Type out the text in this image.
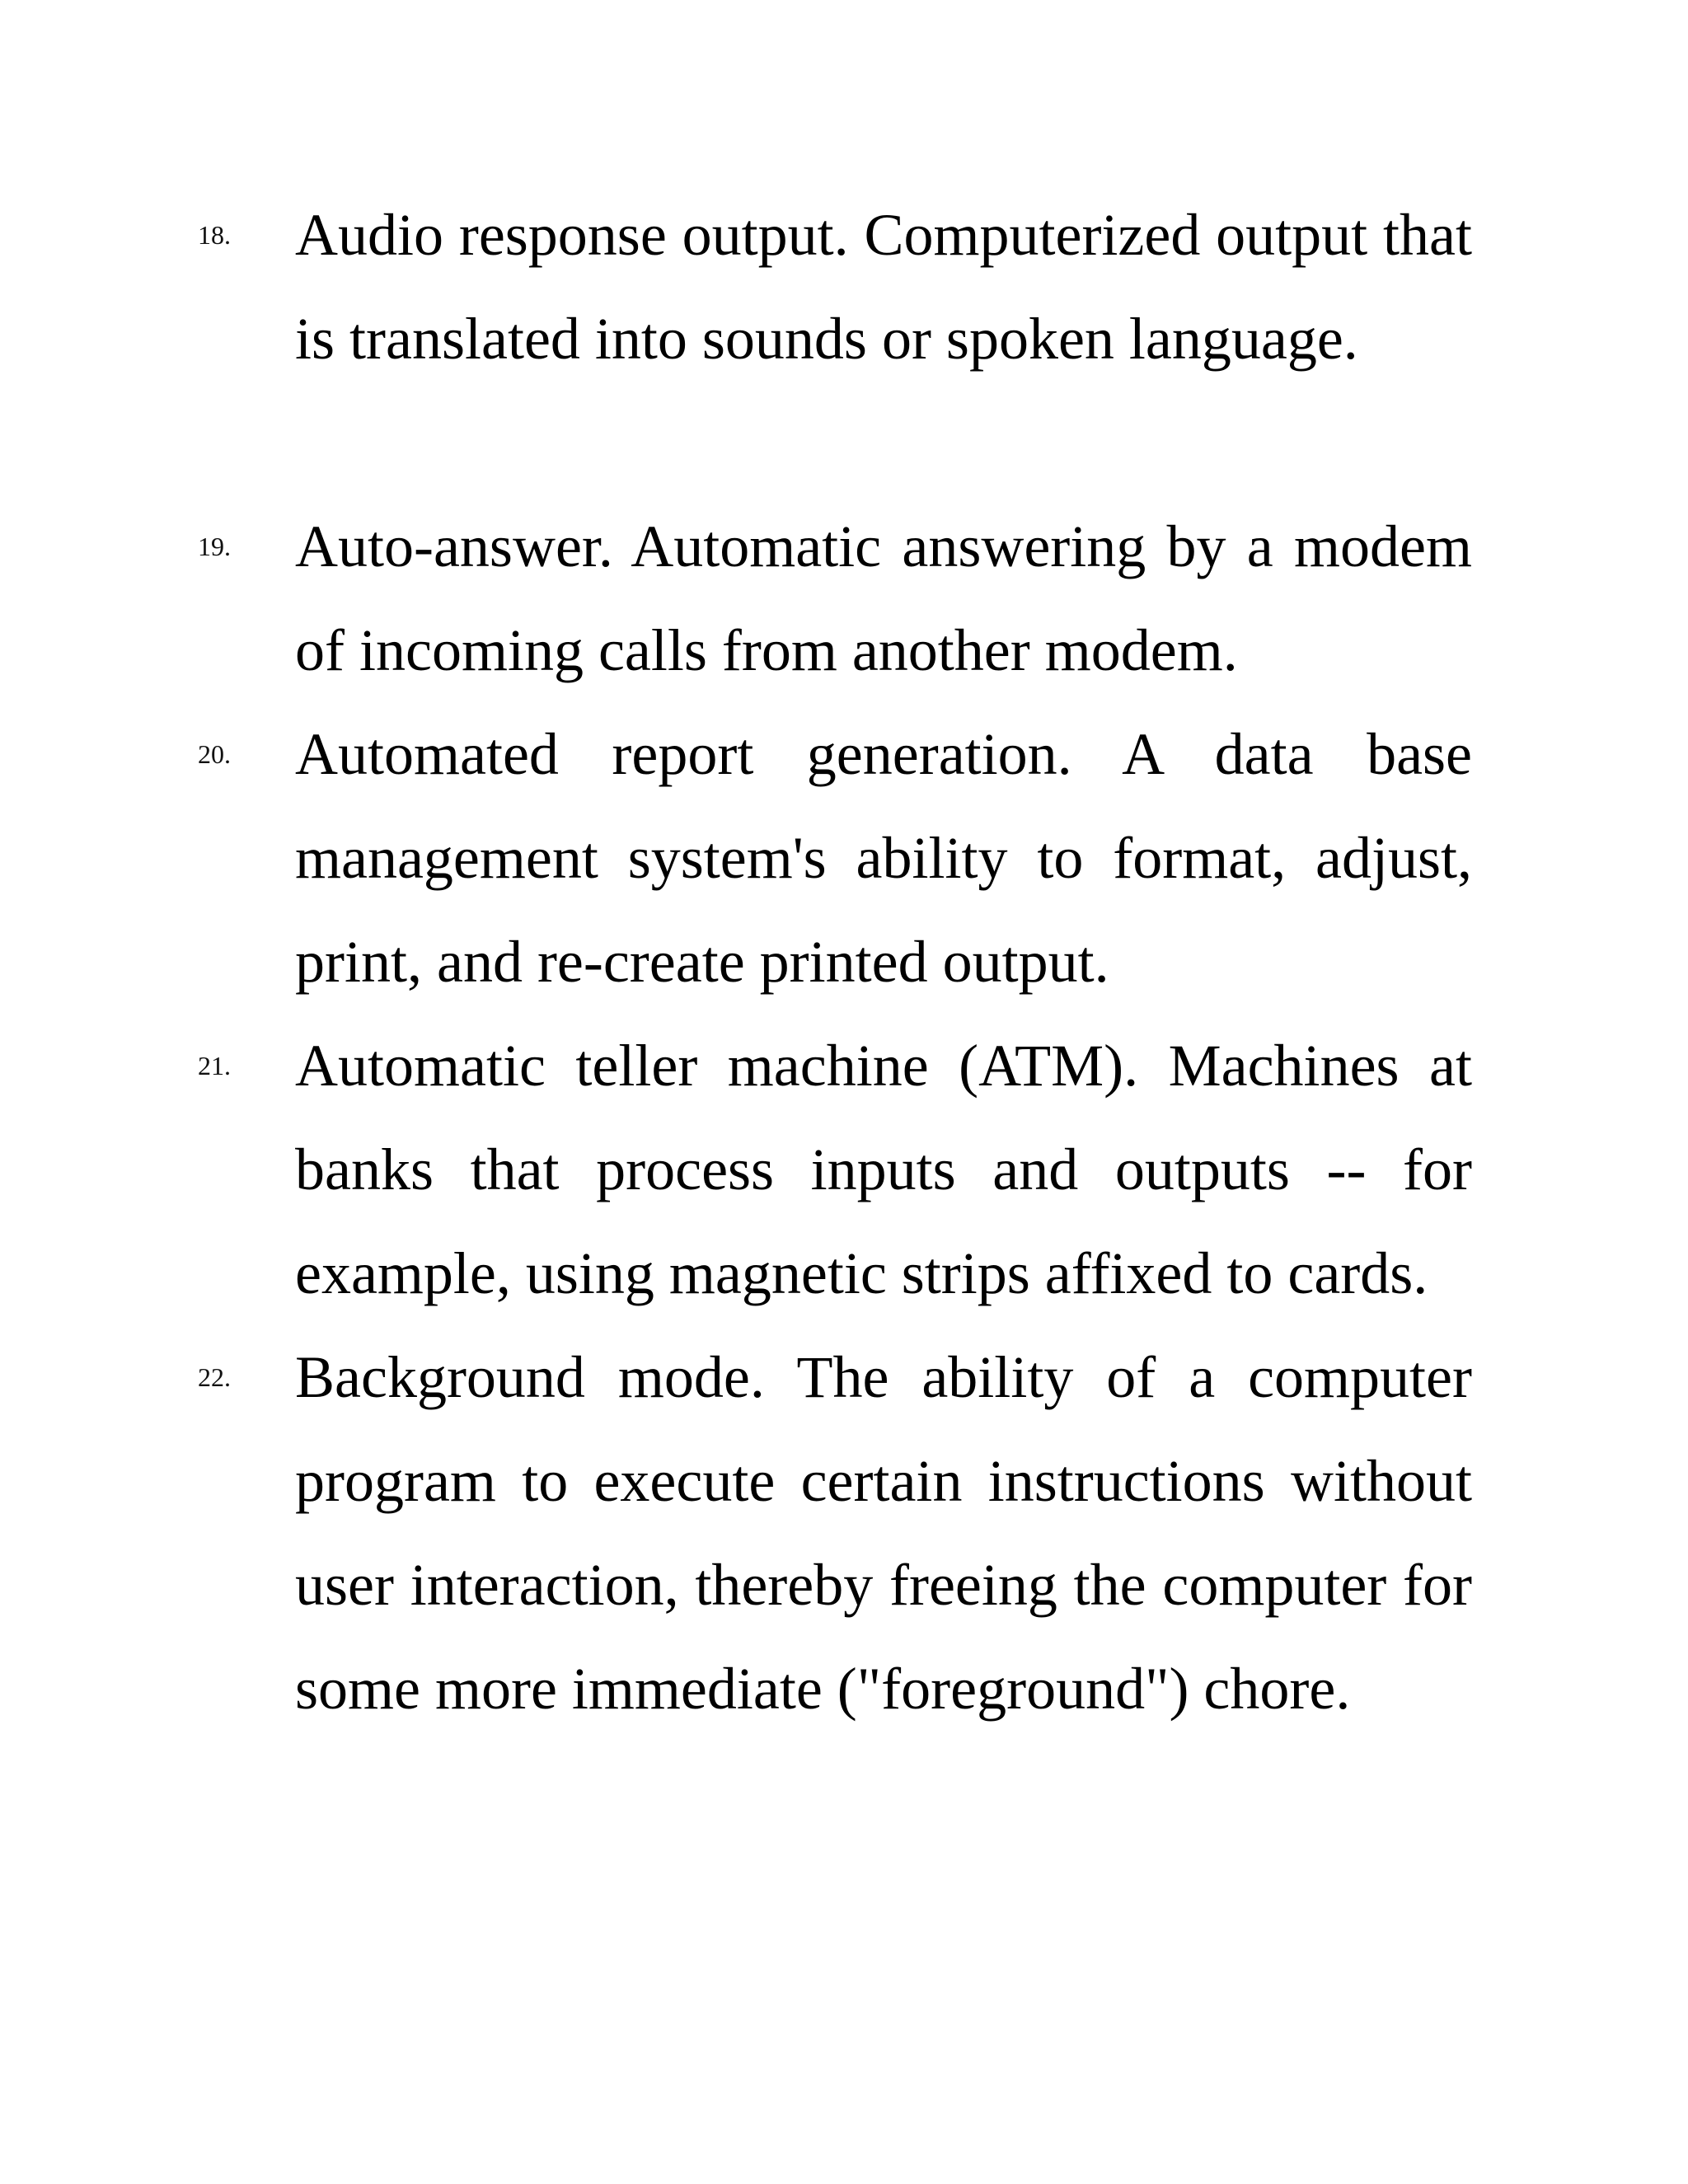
18.	Audio response output. Computerized output that is translated into sounds or spoken language.
19.	Auto-answer. Automatic answering by a modem of incoming calls from another modem.
20.	Automated report generation. A data base management system's ability to format, adjust, print, and re-create printed output.
21.	Automatic teller machine (ATM). Machines at banks that process inputs and outputs -- for example, using magnetic strips affixed to cards.
22.	Background mode. The ability of a computer program to execute certain instructions without user interaction, thereby freeing the computer for some more immediate ("foreground") chore.
